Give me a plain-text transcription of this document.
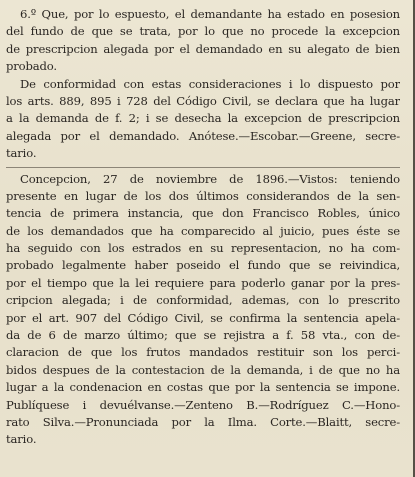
6.º Que, por lo espuesto, el demandante ha estado en posesion
del fundo de que se trata, por lo que no procede la excepcion
de prescripcion alegada por el demandado en su alegato de bien
probado.
De conformidad con estas consideraciones i lo dispuesto por
los arts. 889, 895 i 728 del Código Civil, se declara que ha lugar
a la demanda de f. 2; i se desecha la excepcion de prescripcion
alegada por el demandado. Anótese.—Escobar.—Greene, secre-
tario.
Concepcion, 27 de noviembre de 1896.—Vistos: teniendo
presente en lugar de los dos últimos considerandos de la sen-
tencia de primera instancia, que don Francisco Robles, único
de los demandados que ha comparecido al juicio, pues éste se
ha seguido con los estrados en su representacion, no ha com-
probado legalmente haber poseido el fundo que se reivindica,
por el tiempo que la lei requiere para poderlo ganar por la pres-
cripcion alegada; i de conformidad, ademas, con lo prescrito
por el art. 907 del Código Civil, se confirma la sentencia apela-
da de 6 de marzo último; que se rejistra a f. 58 vta., con de-
claracion de que los frutos mandados restituir son los perci-
bidos despues de la contestacion de la demanda, i de que no ha
lugar a la condenacion en costas que por la sentencia se impone.
Publíquese i devuélvanse.—Zenteno B.—Rodríguez C.—Hono-
rato Silva.—Pronunciada por la Ilma. Corte.—Blaitt, secre-
tario.
